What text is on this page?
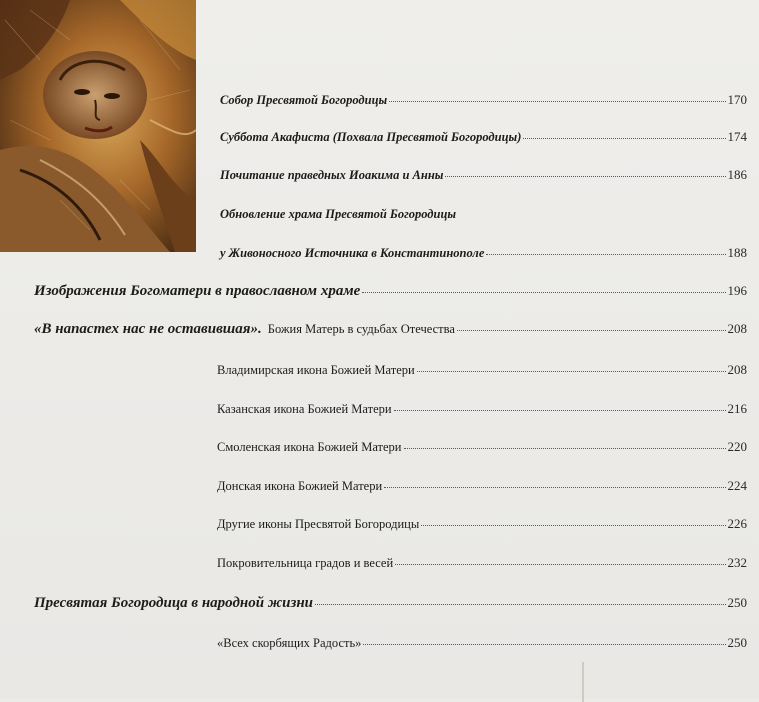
Собор Пресвятой Богородицы	170
Суббота Акафиста (Похвала Пресвятой Богородицы)	174
Почитание праведных Иоакима и Анны	186
Обновление храма Пресвятой Богородицы
у Живоносного Источника в Константинополе	188
Изображения Богоматери в православном храме	196
«В напастех нас не оставившая». Божия Матерь в судьбах Отечества	208
Владимирская икона Божией Матери	208
Казанская икона Божией Матери	216
Смоленская икона Божией Матери	220
Донская икона Божией Матери	224
Другие иконы Пресвятой Богородицы	226
Покровительница градов и весей	232
Пресвятая Богородица в народной жизни	250
«Всех скорбящих Радость»	250
